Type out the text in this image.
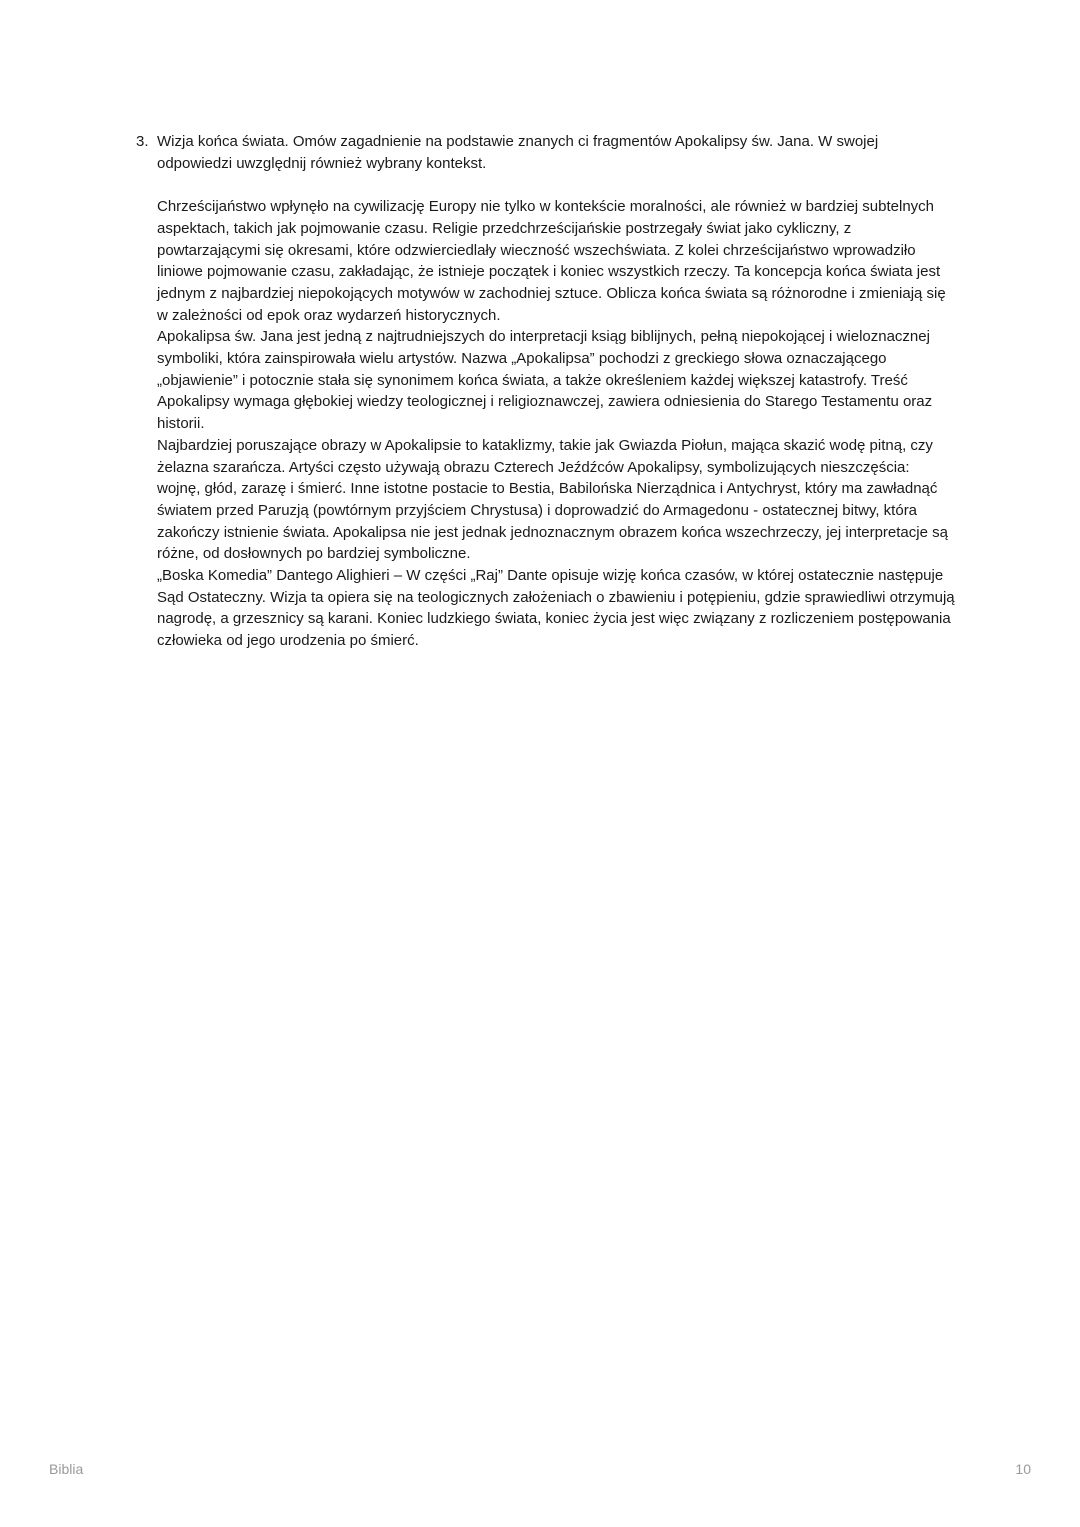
3. Wizja końca świata. Omów zagadnienie na podstawie znanych ci fragmentów Apokalipsy św. Jana. W swojej odpowiedzi uwzględnij również wybrany kontekst.

Chrześcijaństwo wpłynęło na cywilizację Europy nie tylko w kontekście moralności, ale również w bardziej subtelnych aspektach, takich jak pojmowanie czasu. Religie przedchrześcijańskie postrzegały świat jako cykliczny, z powtarzającymi się okresami, które odzwierciedlały wieczność wszechświata. Z kolei chrześcijaństwo wprowadziło liniowe pojmowanie czasu, zakładając, że istnieje początek i koniec wszystkich rzeczy. Ta koncepcja końca świata jest jednym z najbardziej niepokojących motywów w zachodniej sztuce. Oblicza końca świata są różnorodne i zmieniają się w zależności od epok oraz wydarzeń historycznych.

Apokalipsa św. Jana jest jedną z najtrudniejszych do interpretacji ksiąg biblijnych, pełną niepokojącej i wieloznacznej symboliki, która zainspirowała wielu artystów. Nazwa „Apokalipsa” pochodzi z greckiego słowa oznaczającego „objawienie” i potocznie stała się synonimem końca świata, a także określeniem każdej większej katastrofy. Treść Apokalipsy wymaga głębokiej wiedzy teologicznej i religioznawczej, zawiera odniesienia do Starego Testamentu oraz historii.

Najbardziej poruszające obrazy w Apokalipsie to kataklizmy, takie jak Gwiazda Piołun, mająca skazić wodę pitną, czy żelazna szarańcza. Artyści często używają obrazu Czterech Jeźdźców Apokalipsy, symbolizujących nieszczęścia: wojnę, głód, zarazę i śmierć. Inne istotne postacie to Bestia, Babilońska Nierządnica i Antychryst, który ma zawładnąć światem przed Paruzją (powtórnym przyjściem Chrystusa) i doprowadzić do Armagedonu - ostatecznej bitwy, która zakończy istnienie świata. Apokalipsa nie jest jednak jednoznacznym obrazem końca wszechrzeczy, jej interpretacje są różne, od dosłownych po bardziej symboliczne.

„Boska Komedia” Dantego Alighieri – W części „Raj” Dante opisuje wizję końca czasów, w której ostatecznie następuje Sąd Ostateczny. Wizja ta opiera się na teologicznych założeniach o zbawieniu i potępieniu, gdzie sprawiedliwi otrzymują nagrodę, a grzesznicy są karani. Koniec ludzkiego świata, koniec życia jest więc związany z rozliczeniem postępowania człowieka od jego urodzenia po śmierć.

Biblia	10
